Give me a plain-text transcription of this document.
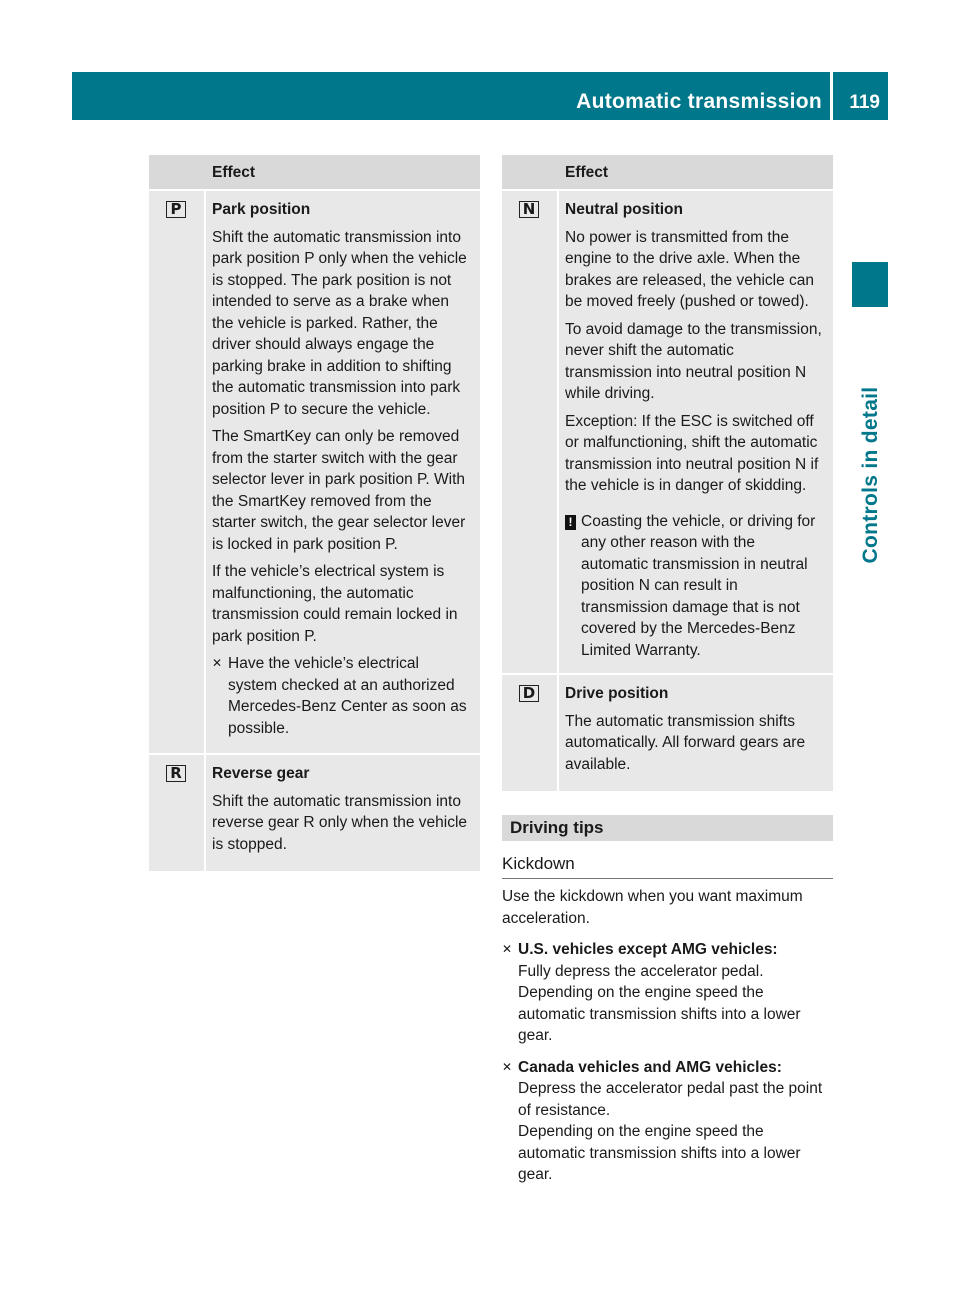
Automatic transmission 119
Controls in detail
Effect
P Park position

Shift the automatic transmission into park position P only when the vehicle is stopped. The park position is not intended to serve as a brake when the vehicle is parked. Rather, the driver should always engage the parking brake in addition to shifting the automatic transmission into park position P to secure the vehicle.

The SmartKey can only be removed from the starter switch with the gear selector lever in park position P. With the SmartKey removed from the starter switch, the gear selector lever is locked in park position P.

If the vehicle’s electrical system is malfunctioning, the automatic transmission could remain locked in park position P.

✕ Have the vehicle’s electrical system checked at an authorized Mercedes-Benz Center as soon as possible.
R Reverse gear

Shift the automatic transmission into reverse gear R only when the vehicle is stopped.

Effect
N Neutral position

No power is transmitted from the engine to the drive axle. When the brakes are released, the vehicle can be moved freely (pushed or towed).

To avoid damage to the transmission, never shift the automatic transmission into neutral position N while driving.

Exception: If the ESC is switched off or malfunctioning, shift the automatic transmission into neutral position N if the vehicle is in danger of skidding.

! Coasting the vehicle, or driving for any other reason with the automatic transmission in neutral position N can result in transmission damage that is not covered by the Mercedes-Benz Limited Warranty.
D Drive position

The automatic transmission shifts automatically. All forward gears are available.

Driving tips
Kickdown

Use the kickdown when you want maximum acceleration.

✕ U.S. vehicles except AMG vehicles:
Fully depress the accelerator pedal.
Depending on the engine speed the automatic transmission shifts into a lower gear.
✕ Canada vehicles and AMG vehicles:
Depress the accelerator pedal past the point of resistance.
Depending on the engine speed the automatic transmission shifts into a lower gear.
